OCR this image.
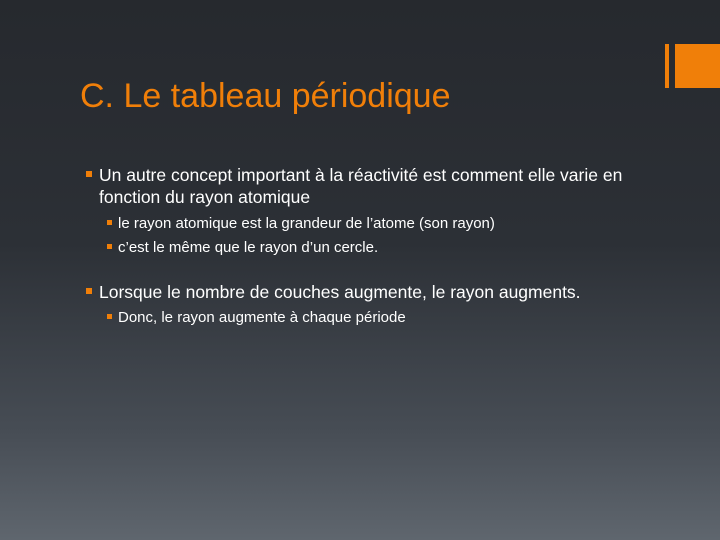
C. Le tableau périodique

Un autre concept important à la réactivité est comment elle varie en fonction du rayon atomique

le rayon atomique est la grandeur de l’atome (son rayon)

c’est le même que le rayon d’un cercle.

Lorsque le nombre de couches augmente, le rayon augments.

Donc, le rayon augmente à chaque période
